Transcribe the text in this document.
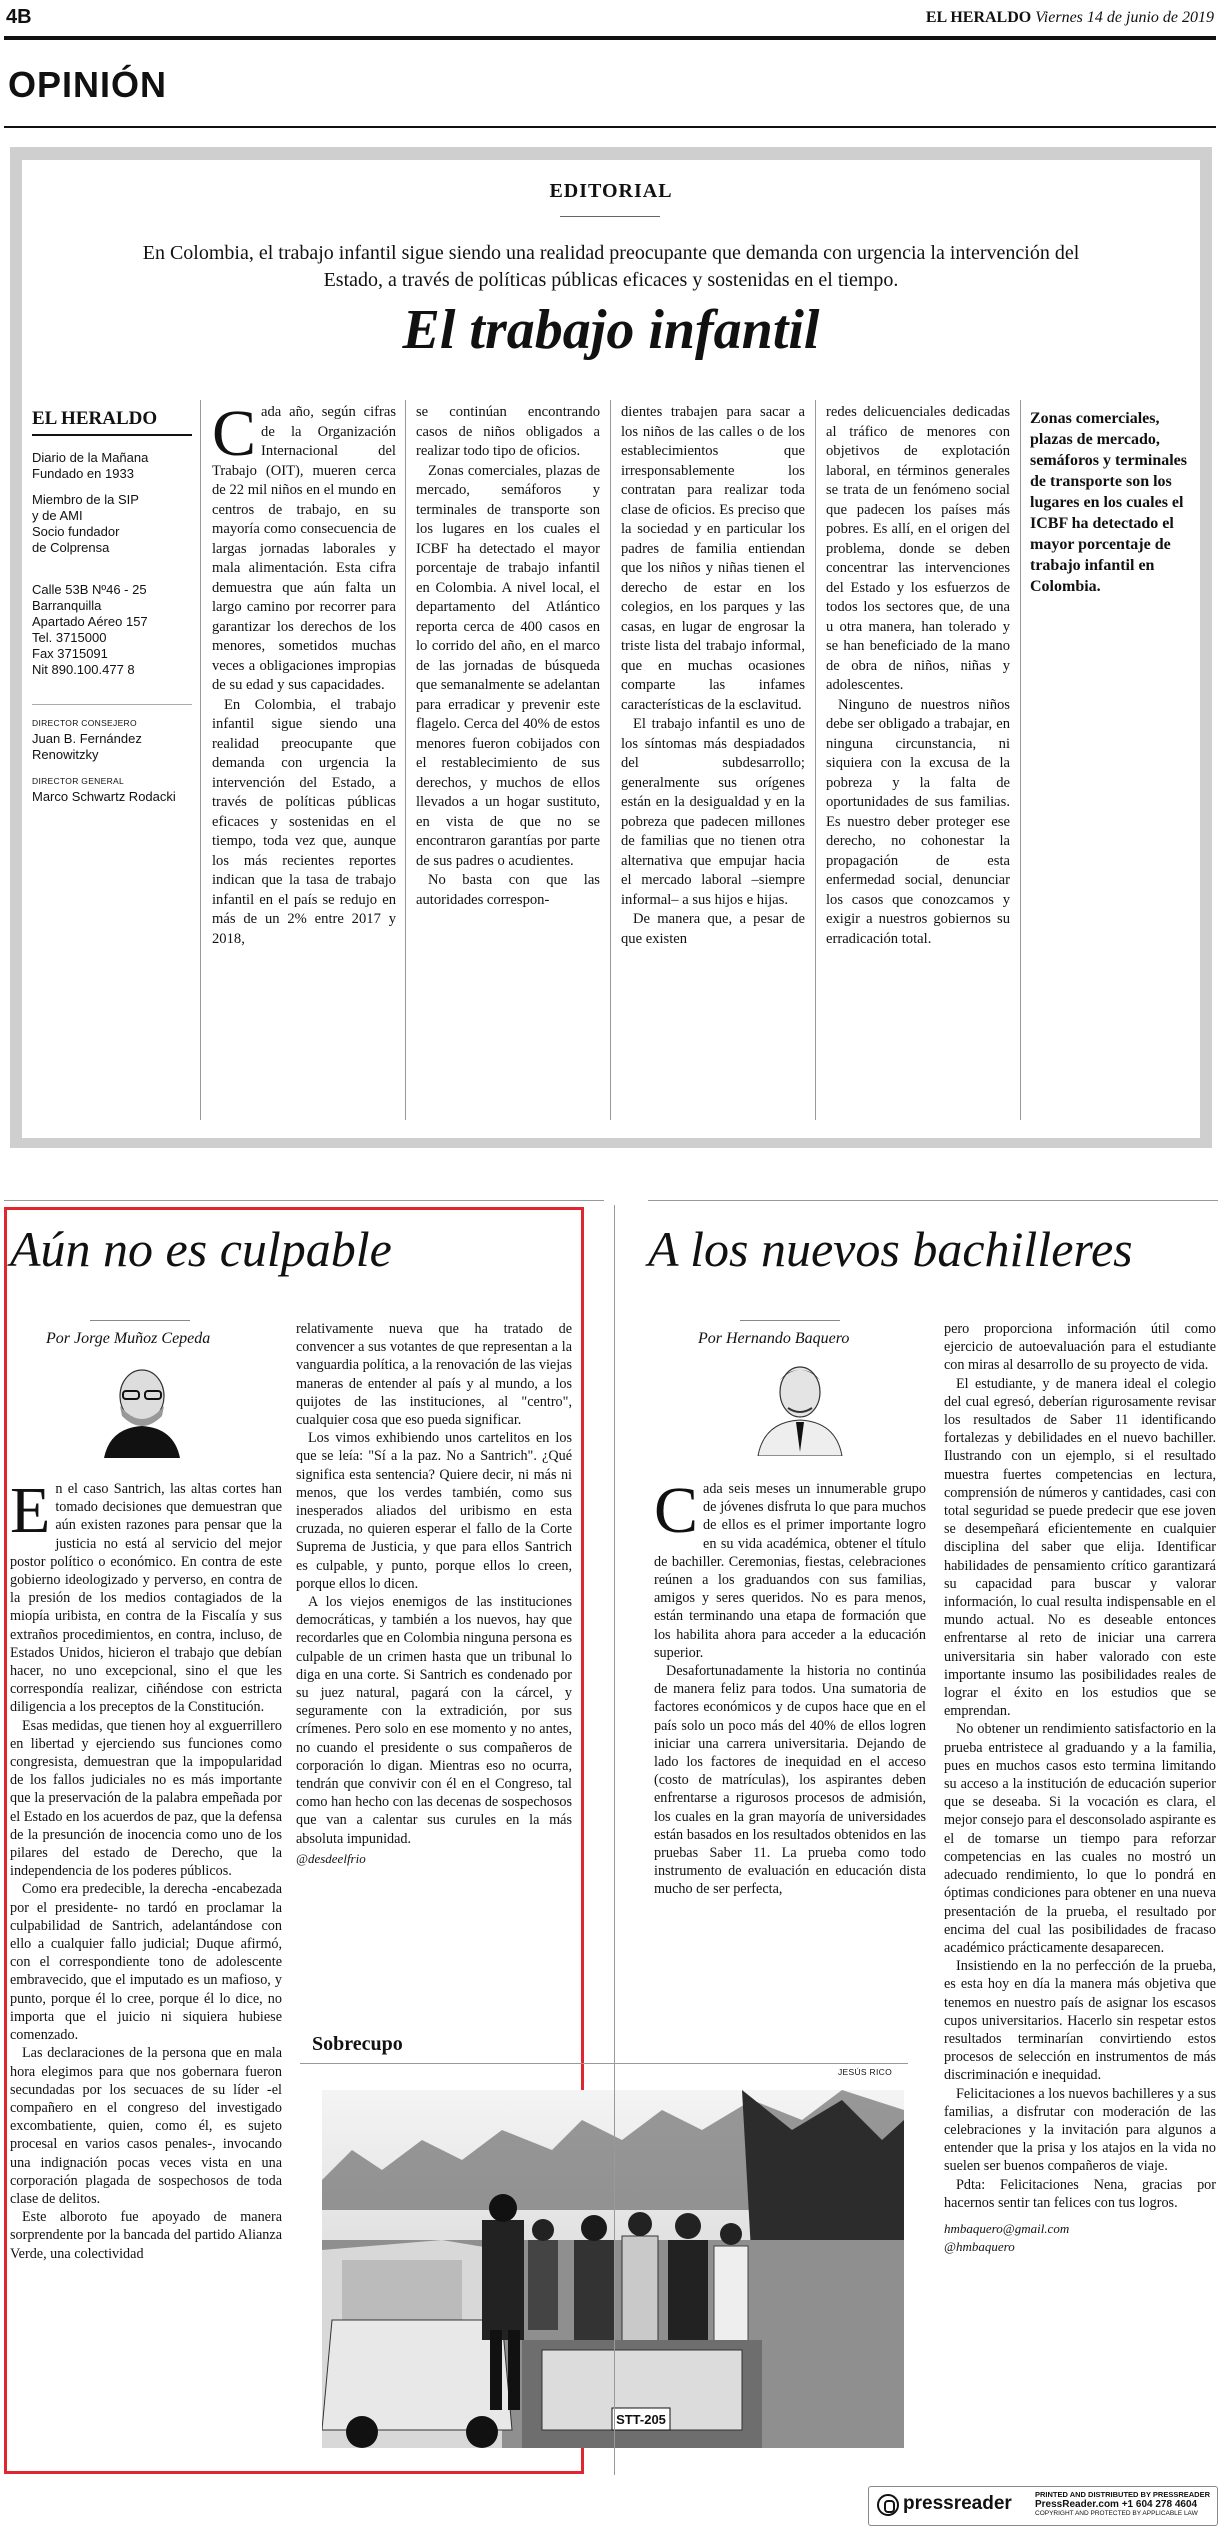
4B	EL HERALDO Viernes 14 de junio de 2019
OPINIÓN
EDITORIAL
En Colombia, el trabajo infantil sigue siendo una realidad preocupante que demanda con urgencia la intervención del Estado, a través de políticas públicas eficaces y sostenidas en el tiempo.
El trabajo infantil
EL HERALDO
Diario de la Mañana
Fundado en 1933
Miembro de la SIP
y de AMI
Socio fundador
de Colprensa
Calle 53B Nº46 - 25
Barranquilla
Apartado Aéreo 157
Tel. 3715000
Fax 3715091
Nit 890.100.477 8
DIRECTOR CONSEJERO
Juan B. Fernández Renowitzky
DIRECTOR GENERAL
Marco Schwartz Rodacki

Cada año, según cifras de la Organización Internacional del Trabajo (OIT), mueren cerca de 22 mil niños en el mundo en centros de trabajo, en su mayoría como consecuencia de largas jornadas laborales y mala alimentación. Esta cifra demuestra que aún falta un largo camino por recorrer para garantizar los derechos de los menores, sometidos muchas veces a obligaciones impropias de su edad y sus capacidades.

En Colombia, el trabajo infantil sigue siendo una realidad preocupante que demanda con urgencia la intervención del Estado, a través de políticas públicas eficaces y sostenidas en el tiempo, toda vez que, aunque los más recientes reportes indican que la tasa de trabajo infantil en el país se redujo en más de un 2% entre 2017 y 2018,

se continúan encontrando casos de niños obligados a realizar todo tipo de oficios.

Zonas comerciales, plazas de mercado, semáforos y terminales de transporte son los lugares en los cuales el ICBF ha detectado el mayor porcentaje de trabajo infantil en Colombia. A nivel local, el departamento del Atlántico reporta cerca de 400 casos en lo corrido del año, en el marco de las jornadas de búsqueda que semanalmente se adelantan para erradicar y prevenir este flagelo. Cerca del 40% de estos menores fueron cobijados con el restablecimiento de sus derechos, y muchos de ellos llevados a un hogar sustituto, en vista de que no se encontraron garantías por parte de sus padres o acudientes.

No basta con que las autoridades correspon-

dientes trabajen para sacar a los niños de las calles o de los establecimientos que irresponsablemente los contratan para realizar toda clase de oficios. Es preciso que la sociedad y en particular los padres de familia entiendan que los niños y niñas tienen el derecho de estar en los colegios, en los parques y las casas, en lugar de engrosar la triste lista del trabajo informal, que en muchas ocasiones comparte las infames características de la esclavitud.

El trabajo infantil es uno de los síntomas más despiadados del subdesarrollo; generalmente sus orígenes están en la desigualdad y en la pobreza que padecen millones de familias que no tienen otra alternativa que empujar hacia el mercado laboral –siempre informal– a sus hijos e hijas.

De manera que, a pesar de que existen

redes delicuenciales dedicadas al tráfico de menores con objetivos de explotación laboral, en términos generales se trata de un fenómeno social que padecen los países más pobres. Es allí, en el origen del problema, donde se deben concentrar las intervenciones del Estado y los esfuerzos de todos los sectores que, de una u otra manera, han tolerado y se han beneficiado de la mano de obra de niños, niñas y adolescentes.

Ninguno de nuestros niños debe ser obligado a trabajar, en ninguna circunstancia, ni siquiera con la excusa de la pobreza y la falta de oportunidades de sus familias. Es nuestro deber proteger ese derecho, no cohonestar la propagación de esta enfermedad social, denunciar los casos que conozcamos y exigir a nuestros gobiernos su erradicación total.

Zonas comerciales, plazas de mercado, semáforos y terminales de transporte son los lugares en los cuales el ICBF ha detectado el mayor porcentaje de trabajo infantil en Colombia.
Aún no es culpable
Por Jorge Muñoz Cepeda

En el caso Santrich, las altas cortes han tomado decisiones que demuestran que aún existen razones para pensar que la justicia no está al servicio del mejor postor político o económico. En contra de este gobierno ideologizado y perverso, en contra de la presión de los medios contagiados de la miopía uribista, en contra de la Fiscalía y sus extraños procedimientos, en contra, incluso, de Estados Unidos, hicieron el trabajo que debían hacer, no uno excepcional, sino el que les correspondía realizar, ciñéndose con estricta diligencia a los preceptos de la Constitución.

Esas medidas, que tienen hoy al exguerrillero en libertad y ejerciendo sus funciones como congresista, demuestran que la impopularidad de los fallos judiciales no es más importante que la preservación de la palabra empeñada por el Estado en los acuerdos de paz, que la defensa de la presunción de inocencia como uno de los pilares del estado de Derecho, que la independencia de los poderes públicos.

Como era predecible, la derecha -encabezada por el presidente- no tardó en proclamar la culpabilidad de Santrich, adelantándose con ello a cualquier fallo judicial; Duque afirmó, con el correspondiente tono de adolescente embravecido, que el imputado es un mafioso, y punto, porque él lo cree, porque él lo dice, no importa que el juicio ni siquiera hubiese comenzado.

Las declaraciones de la persona que en mala hora elegimos para que nos gobernara fueron secundadas por los secuaces de su líder -el compañero en el congreso del investigado excombatiente, quien, como él, es sujeto procesal en varios casos penales-, invocando una indignación pocas veces vista en una corporación plagada de sospechosos de toda clase de delitos.

Este alboroto fue apoyado de manera sorprendente por la bancada del partido Alianza Verde, una colectividad

relativamente nueva que ha tratado de convencer a sus votantes de que representan a la vanguardia política, a la renovación de las viejas maneras de entender al país y al mundo, a los quijotes de las instituciones, al "centro", cualquier cosa que eso pueda significar.

Los vimos exhibiendo unos cartelitos en los que se leía: "Sí a la paz. No a Santrich". ¿Qué significa esta sentencia? Quiere decir, ni más ni menos, que los verdes también, como sus inesperados aliados del uribismo en esta cruzada, no quieren esperar el fallo de la Corte Suprema de Justicia, y que para ellos Santrich es culpable, y punto, porque ellos lo creen, porque ellos lo dicen.

A los viejos enemigos de las instituciones democráticas, y también a los nuevos, hay que recordarles que en Colombia ninguna persona es culpable de un crimen hasta que un tribunal lo diga en una corte. Si Santrich es condenado por su juez natural, pagará con la cárcel, y seguramente con la extradición, por sus crímenes. Pero solo en ese momento y no antes, no cuando el presidente o sus compañeros de corporación lo digan. Mientras eso no ocurra, tendrán que convivir con él en el Congreso, tal como han hecho con las decenas de sospechosos que van a calentar sus curules en la más absoluta impunidad.

@desdeelfrio

Sobrecupo
JESÚS RICO
STT-205
A los nuevos bachilleres
Por Hernando Baquero

Cada seis meses un innumerable grupo de jóvenes disfruta lo que para muchos de ellos es el primer importante logro en su vida académica, obtener el título de bachiller. Ceremonias, fiestas, celebraciones reúnen a los graduandos con sus familias, amigos y seres queridos. No es para menos, están terminando una etapa de formación que los habilita ahora para acceder a la educación superior.

Desafortunadamente la historia no continúa de manera feliz para todos. Una sumatoria de factores económicos y de cupos hace que en el país solo un poco más del 40% de ellos logren iniciar una carrera universitaria. Dejando de lado los factores de inequidad en el acceso (costo de matrículas), los aspirantes deben enfrentarse a rigurosos procesos de admisión, los cuales en la gran mayoría de universidades están basados en los resultados obtenidos en las pruebas Saber 11. La prueba como todo instrumento de evaluación en educación dista mucho de ser perfecta,

pero proporciona información útil como ejercicio de autoevaluación para el estudiante con miras al desarrollo de su proyecto de vida.

El estudiante, y de manera ideal el colegio del cual egresó, deberían rigurosamente revisar los resultados de Saber 11 identificando fortalezas y debilidades en el nuevo bachiller. Ilustrando con un ejemplo, si el resultado muestra fuertes competencias en lectura, comprensión de números y cantidades, casi con total seguridad se puede predecir que ese joven se desempeñará eficientemente en cualquier disciplina del saber que elija. Identificar habilidades de pensamiento crítico garantizará su capacidad para buscar y valorar información, lo cual resulta indispensable en el mundo actual. No es deseable entonces enfrentarse al reto de iniciar una carrera universitaria sin haber valorado con este importante insumo las posibilidades reales de lograr el éxito en los estudios que se emprendan.

No obtener un rendimiento satisfactorio en la prueba entristece al graduando y a la familia, pues en muchos casos esto termina limitando su acceso a la institución de educación superior que se deseaba. Si la vocación es clara, el mejor consejo para el desconsolado aspirante es el de tomarse un tiempo para reforzar competencias en las cuales no mostró un adecuado rendimiento, lo que lo pondrá en óptimas condiciones para obtener en una nueva presentación de la prueba, el resultado por encima del cual las posibilidades de fracaso académico prácticamente desaparecen.

Insistiendo en la no perfección de la prueba, es esta hoy en día la manera más objetiva que tenemos en nuestro país de asignar los escasos cupos universitarios. Hacerlo sin respetar estos resultados terminarían convirtiendo estos procesos de selección en instrumentos de más discriminación e inequidad.

Felicitaciones a los nuevos bachilleres y a sus familias, a disfrutar con moderación de las celebraciones y la invitación para algunos a entender que la prisa y los atajos en la vida no suelen ser buenos compañeros de viaje.

Pdta: Felicitaciones Nena, gracias por hacernos sentir tan felices con tus logros.

hmbaquero@gmail.com

@hmbaquero

pressreader	PRINTED AND DISTRIBUTED BY PRESSREADER
PressReader.com +1 604 278 4604
COPYRIGHT AND PROTECTED BY APPLICABLE LAW
